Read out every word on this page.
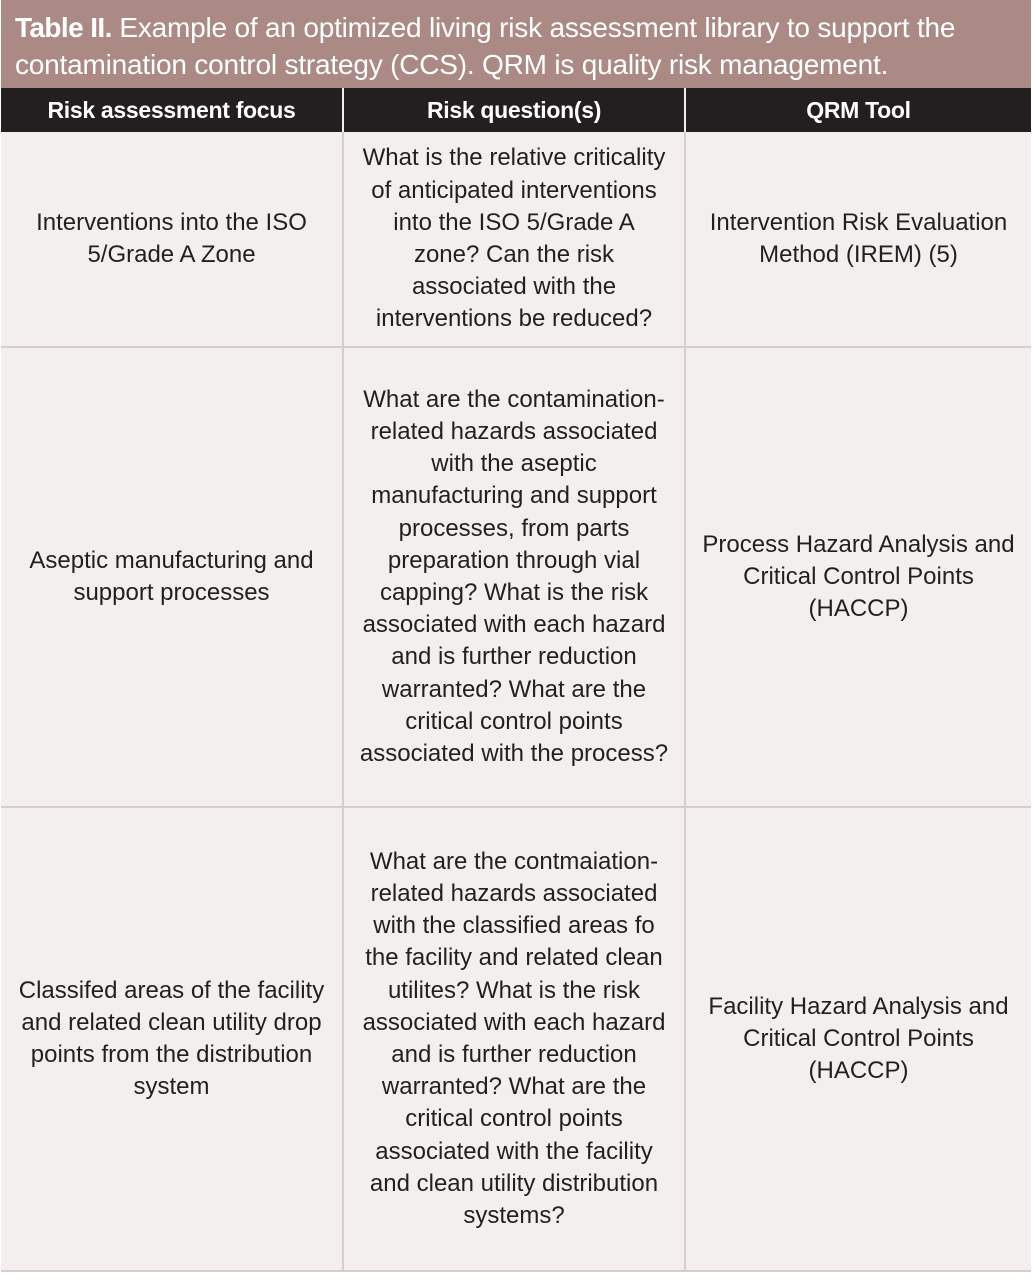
Table II. Example of an optimized living risk assessment library to support the contamination control strategy (CCS). QRM is quality risk management.
Risk assessment focus	Risk question(s)	QRM Tool
Interventions into the ISO 5/Grade A Zone	What is the relative criticality of anticipated interventions into the ISO 5/Grade A zone? Can the risk associated with the interventions be reduced?	Intervention Risk Evaluation Method (IREM) (5)
Aseptic manufacturing and support processes	What are the contamination-related hazards associated with the aseptic manufacturing and support processes, from parts preparation through vial capping? What is the risk associated with each hazard and is further reduction warranted? What are the critical control points associated with the process?	Process Hazard Analysis and Critical Control Points (HACCP)
Classifed areas of the facility and related clean utility drop points from the distribution system	What are the contmaiation-related hazards associated with the classified areas fo the facility and related clean utilites? What is the risk associated with each hazard and is further reduction warranted? What are the critical control points associated with the facility and clean utility distribution systems?	Facility Hazard Analysis and Critical Control Points (HACCP)
